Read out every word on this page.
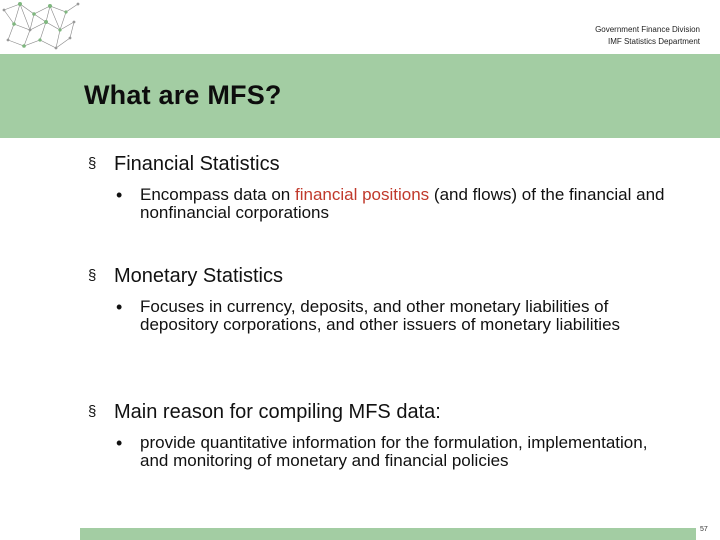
Government Finance Division
IMF Statistics Department
What are MFS?
§ Financial Statistics
• Encompass data on financial positions (and flows) of the financial and nonfinancial corporations
§ Monetary Statistics
• Focuses in currency, deposits, and other monetary liabilities of depository corporations, and other issuers of monetary liabilities
§ Main reason for compiling MFS data:
• provide quantitative information for the formulation, implementation, and monitoring of monetary and financial policies
57
